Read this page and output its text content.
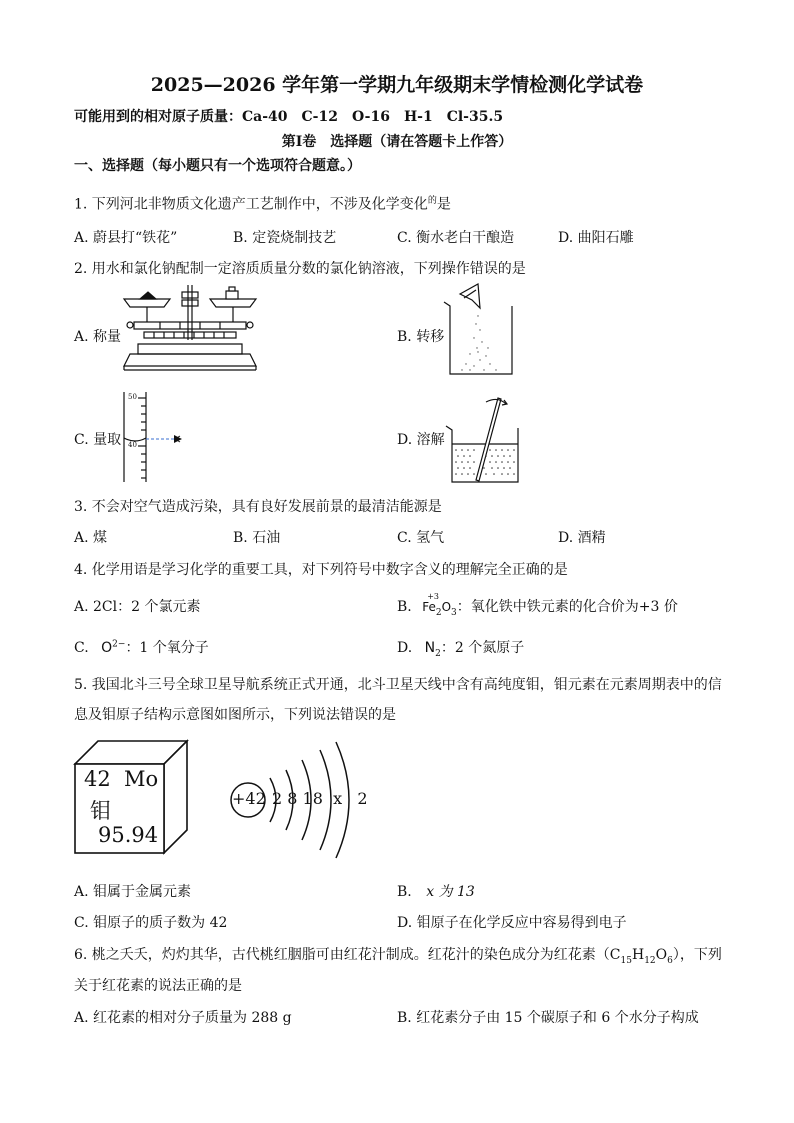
2025—2026 学年第一学期九年级期末学情检测化学试卷
可能用到的相对原子质量：Ca-40　C-12　O-16　H-1　Cl-35.5
第Ⅰ卷　选择题（请在答题卡上作答）
一、选择题（每小题只有一个选项符合题意。）
1. 下列河北非物质文化遗产工艺制作中，不涉及化学变化$^的$是
A. 蔚县打“铁花”	B. 定瓷烧制技艺	C. 衡水老白干酿造	D. 曲阳石雕
2. 用水和氯化钠配制一定溶质质量分数的氯化钠溶液，下列操作错误的是
A. 称量	B. 转移
C. 量取	D. 溶解
50
40
3. 不会对空气造成污染，具有良好发展前景的最清洁能源是
A. 煤	B. 石油	C. 氢气	D. 酒精
4. 化学用语是学习化学的重要工具，对下列符号中数字含义的理解完全正确的是
A. 2Cl：2 个氯元素	B.
+3
$Fe_2O_3$：氧化铁中铁元素的化合价为+3 价
C. $O^{2-}$：1 个氧分子	D. $N_2$：2 个氮原子
5. 我国北斗三号全球卫星导航系统正式开通，北斗卫星天线中含有高纯度钼，钼元素在元素周期表中的信
息及钼原子结构示意图如图所示，下列说法错误的是
42 Mo
钼
95.94
+42 2 8 18  x   2
A. 钼属于金属元素	B. x 为 13
C. 钼原子的质子数为 42	D. 钼原子在化学反应中容易得到电子
6. 桃之夭夭，灼灼其华，古代桃红胭脂可由红花汁制成。红花汁的染色成分为红花素$(C_{15}H_{12}O_6)$，下列
关于红花素的说法正确的是
A. 红花素的相对分子质量为 288 g	B. 红花素分子由 15 个碳原子和 6 个水分子构成
